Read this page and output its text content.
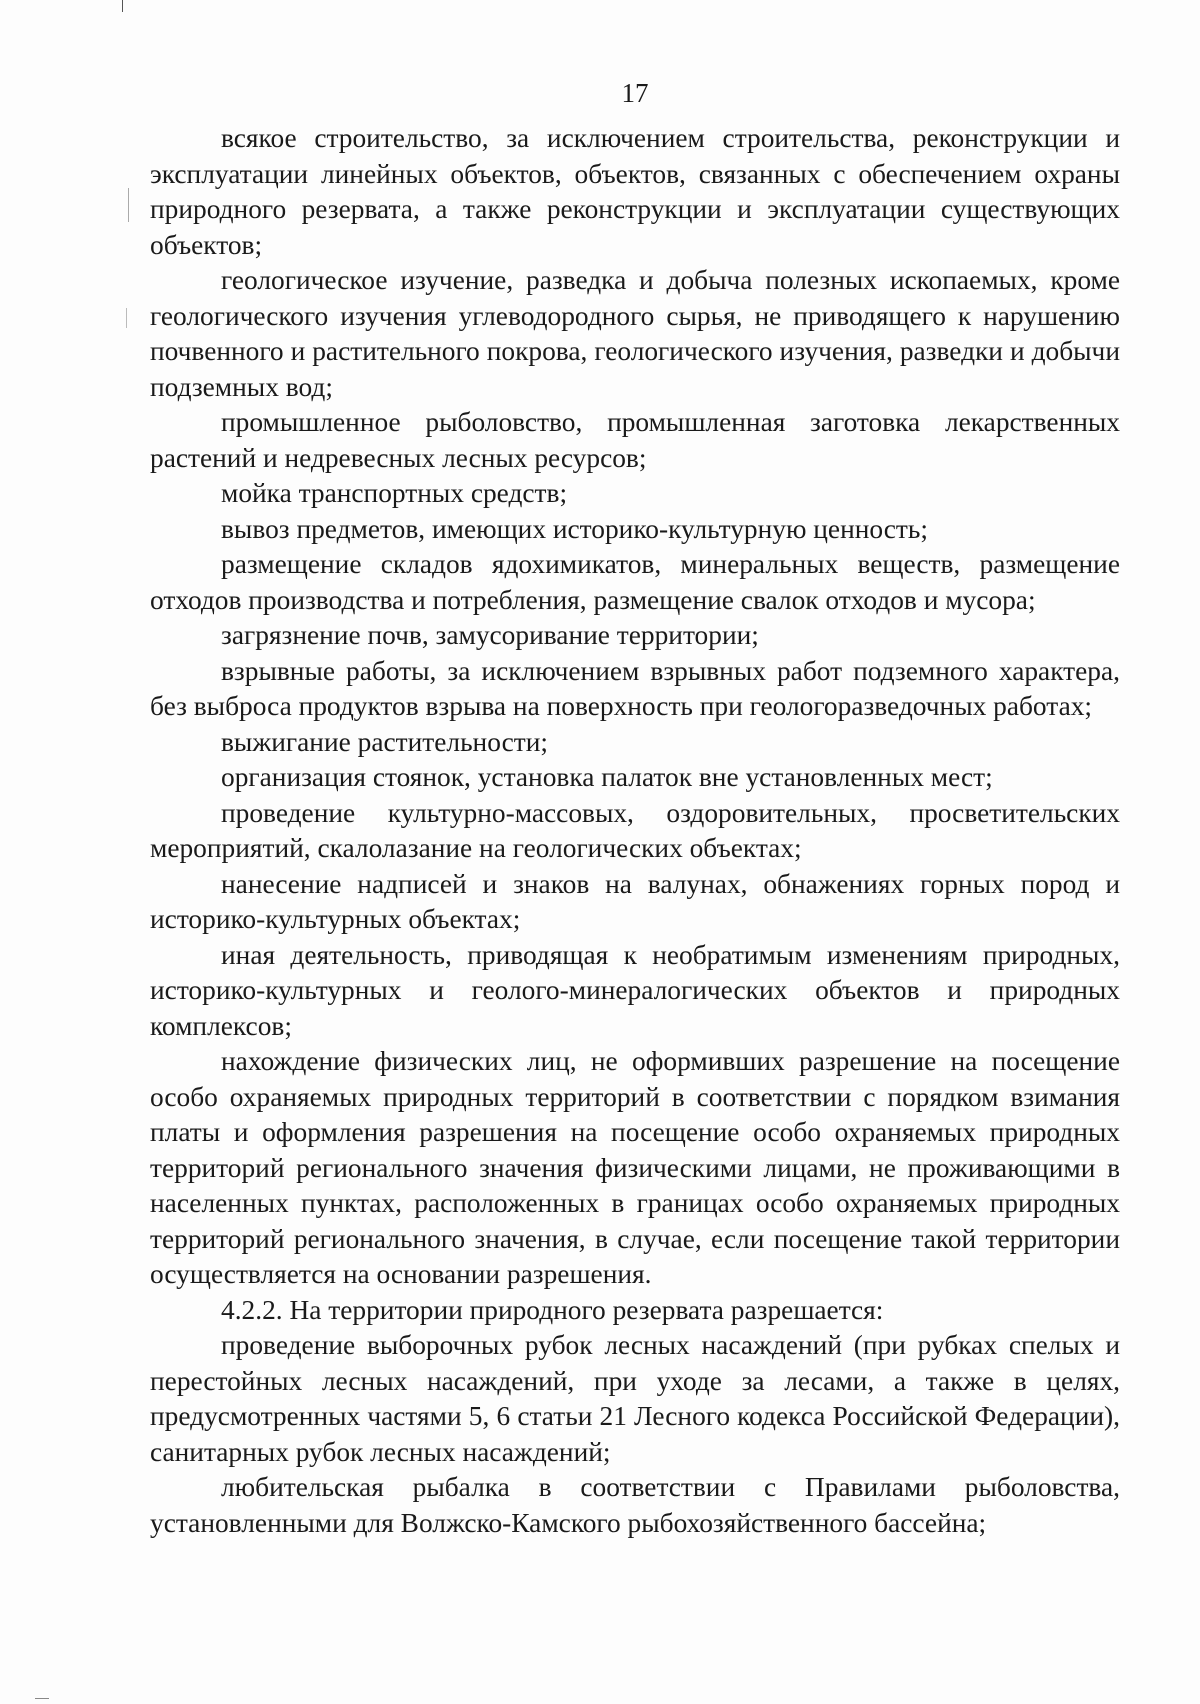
17

всякое строительство, за исключением строительства, реконструкции и эксплуатации линейных объектов, объектов, связанных с обеспечением охраны природного резервата, а также реконструкции и эксплуатации существующих объектов;

геологическое изучение, разведка и добыча полезных ископаемых, кроме геологического изучения углеводородного сырья, не приводящего к нарушению почвенного и растительного покрова, геологического изучения, разведки и добычи подземных вод;

промышленное рыболовство, промышленная заготовка лекарственных растений и недревесных лесных ресурсов;

мойка транспортных средств;

вывоз предметов, имеющих историко-культурную ценность;

размещение складов ядохимикатов, минеральных веществ, размещение отходов производства и потребления, размещение свалок отходов и мусора;

загрязнение почв, замусоривание территории;

взрывные работы, за исключением взрывных работ подземного характера, без выброса продуктов взрыва на поверхность при геологоразведочных работах;

выжигание растительности;

организация стоянок, установка палаток вне установленных мест;

проведение культурно-массовых, оздоровительных, просветительских мероприятий, скалолазание на геологических объектах;

нанесение надписей и знаков на валунах, обнажениях горных пород и историко-культурных объектах;

иная деятельность, приводящая к необратимым изменениям природных, историко-культурных и геолого-минералогических объектов и природных комплексов;

нахождение физических лиц, не оформивших разрешение на посещение особо охраняемых природных территорий в соответствии с порядком взимания платы и оформления разрешения на посещение особо охраняемых природных территорий регионального значения физическими лицами, не проживающими в населенных пунктах, расположенных в границах особо охраняемых природных территорий регионального значения, в случае, если посещение такой территории осуществляется на основании разрешения.

4.2.2. На территории природного резервата разрешается:

проведение выборочных рубок лесных насаждений (при рубках спелых и перестойных лесных насаждений, при уходе за лесами, а также в целях, предусмотренных частями 5, 6 статьи 21 Лесного кодекса Российской Федерации), санитарных рубок лесных насаждений;

любительская рыбалка в соответствии с Правилами рыболовства, установленными для Волжско-Камского рыбохозяйственного бассейна;
